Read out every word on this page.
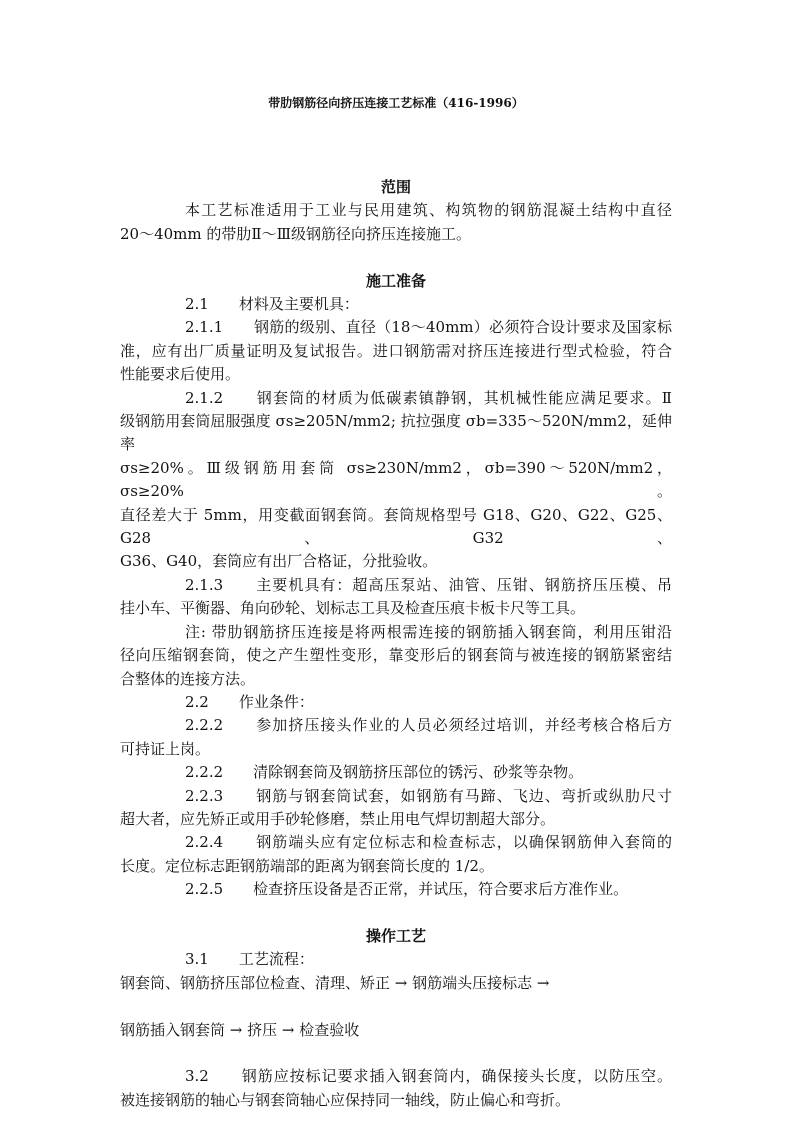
带肋钢筋径向挤压连接工艺标准（416-1996）
范围
本工艺标准适用于工业与民用建筑、构筑物的钢筋混凝土结构中直径
20～40mm 的带肋Ⅱ～Ⅲ级钢筋径向挤压连接施工。
施工准备
2.1　　材料及主要机具：
2.1.1　　钢筋的级别、直径（18～40mm）必须符合设计要求及国家标
准，应有出厂质量证明及复试报告。进口钢筋需对挤压连接进行型式检验，符合
性能要求后使用。
2.1.2　　钢套筒的材质为低碳素镇静钢，其机械性能应满足要求。Ⅱ
级钢筋用套筒屈服强度 σs≥205N/mm2; 抗拉强度 σb=335～520N/mm2，延伸率
σs≥20%。Ⅲ级钢筋用套筒 σs≥230N/mm2，σb=390～520N/mm2，σs≥20%。
直径差大于 5mm，用变截面钢套筒。套筒规格型号 G18、G20、G22、G25、G28、G32、
G36、G40，套筒应有出厂合格证，分批验收。
2.1.3　　主要机具有：超高压泵站、油管、压钳、钢筋挤压压模、吊
挂小车、平衡器、角向砂轮、划标志工具及检查压痕卡板卡尺等工具。
注: 带肋钢筋挤压连接是将两根需连接的钢筋插入钢套筒，利用压钳沿
径向压缩钢套筒，使之产生塑性变形，靠变形后的钢套筒与被连接的钢筋紧密结
合整体的连接方法。
2.2　　作业条件：
2.2.2　　参加挤压接头作业的人员必须经过培训，并经考核合格后方
可持证上岗。
2.2.2　　清除钢套筒及钢筋挤压部位的锈污、砂浆等杂物。
2.2.3　　钢筋与钢套筒试套，如钢筋有马蹄、飞边、弯折或纵肋尺寸
超大者，应先矫正或用手砂轮修磨，禁止用电气焊切割超大部分。
2.2.4　　钢筋端头应有定位标志和检查标志，以确保钢筋伸入套筒的
长度。定位标志距钢筋端部的距离为钢套筒长度的 1/2。
2.2.5　　检查挤压设备是否正常，并试压，符合要求后方准作业。
操作工艺
3.1　　工艺流程：
钢套筒、钢筋挤压部位检查、清理、矫正 → 钢筋端头压接标志 →
钢筋插入钢套筒 → 挤压 → 检查验收
3.2　　钢筋应按标记要求插入钢套筒内，确保接头长度，以防压空。
被连接钢筋的轴心与钢套筒轴心应保持同一轴线，防止偏心和弯折。
